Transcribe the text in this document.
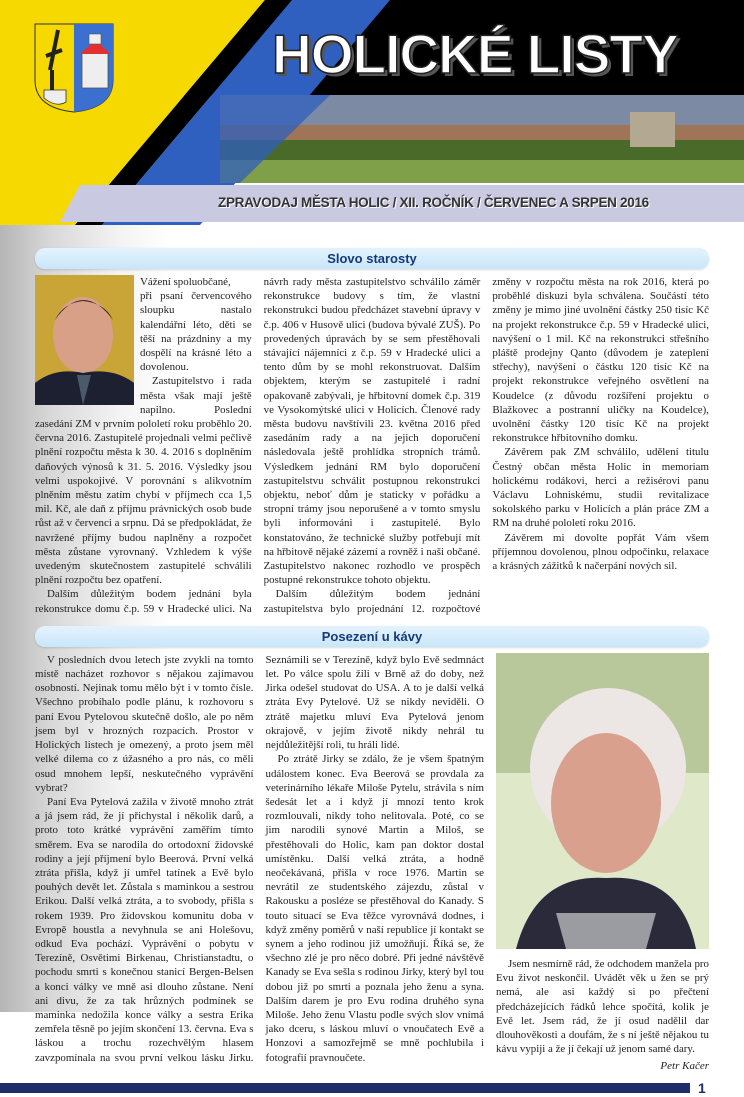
HOLICKÉ LISTY
ZPRAVODAJ MĚSTA HOLIC / XII. ROČNÍK / ČERVENEC A SRPEN 2016
Slovo starosty

Vážení spoluobčané,

při psaní červencového sloupku nastalo kalendářní léto, děti se těší na prázdniny a my dospělí na krásné léto a dovolenou.

Zastupitelstvo i rada města však mají ještě napilno. Poslední zasedání ZM v prvním pololetí roku proběhlo 20. června 2016. Zastupitelé projednali velmi pečlivě plnění rozpočtu města k 30. 4. 2016 s doplněním daňových výnosů k 31. 5. 2016. Výsledky jsou velmi uspokojivé. V porovnání s alikvotním plněním městu zatím chybí v příjmech cca 1,5 mil. Kč, ale daň z příjmu právnických osob bude růst až v červenci a srpnu. Dá se předpokládat, že navržené příjmy budou naplněny a rozpočet města zůstane vyrovnaný. Vzhledem k výše uvedeným skutečnostem zastupitelé schválili plnění rozpočtu bez opatření.

Dalším důležitým bodem jednání byla rekonstrukce domu č.p. 59 v Hradecké ulici. Na návrh rady města zastupitelstvo schválilo záměr rekonstrukce budovy s tím, že vlastní rekonstrukci budou předcházet stavební úpravy v č.p. 406 v Husově ulici (budova bývalé ZUŠ). Po provedených úpravách by se sem přestěhovali stávající nájemníci z č.p. 59 v Hradecké ulici a tento dům by se mohl rekonstruovat. Dalším objektem, kterým se zastupitelé i radní opakovaně zabývali, je hřbitovní domek č.p. 319 ve Vysokomýtské ulici v Holicích. Členové rady města budovu navštívili 23. května 2016 před zasedáním rady a na jejich doporučení následovala ještě prohlídka stropních trámů. Výsledkem jednání RM bylo doporučení zastupitelstvu schválit postupnou rekonstrukci objektu, neboť dům je staticky v pořádku a stropní trámy jsou neporušené a v tomto smyslu byli informováni i zastupitelé. Bylo konstatováno, že technické služby potřebují mít na hřbitově nějaké zázemí a rovněž i naši občané. Zastupitelstvo nakonec rozhodlo ve prospěch postupné rekonstrukce tohoto objektu.

Dalším důležitým bodem jednání zastupitelstva bylo projednání 12. rozpočtové změny v rozpočtu města na rok 2016, která po proběhlé diskuzi byla schválena. Součástí této změny je mimo jiné uvolnění částky 250 tisíc Kč na projekt rekonstrukce č.p. 59 v Hradecké ulici, navýšení o 1 mil. Kč na rekonstrukci střešního pláště prodejny Qanto (důvodem je zateplení střechy), navýšení o částku 120 tisíc Kč na projekt rekonstrukce veřejného osvětlení na Koudelce (z důvodu rozšíření projektu o Blažkovec a postranní uličky na Koudelce), uvolnění částky 120 tisíc Kč na projekt rekonstrukce hřbitovního domku.

Závěrem pak ZM schválilo, udělení titulu Čestný občan města Holic in memoriam holickému rodákovi, herci a režisérovi panu Václavu Lohniskému, studii revitalizace sokolského parku v Holicích a plán práce ZM a RM na druhé pololetí roku 2016.

Závěrem mi dovolte popřát Vám všem příjemnou dovolenou, plnou odpočinku, relaxace a krásných zážitků k načerpání nových sil.

Posezení u kávy

V posledních dvou letech jste zvykli na tomto místě nacházet rozhovor s nějakou zajímavou osobností. Nejinak tomu mělo být i v tomto čísle. Všechno probíhalo podle plánu, k rozhovoru s paní Evou Pytelovou skutečně došlo, ale po něm jsem byl v hrozných rozpacích. Prostor v Holických listech je omezený, a proto jsem měl velké dilema co z úžasného a pro nás, co měli osud mnohem lepší, neskutečného vyprávění vybrat?

Paní Eva Pytelová zažila v životě mnoho ztrát a já jsem rád, že jí přichystal i několik darů, a proto toto krátké vyprávění zaměřím tímto směrem. Eva se narodila do ortodoxní židovské rodiny a její příjmení bylo Beerová. První velká ztráta přišla, když jí umřel tatínek a Evě bylo pouhých devět let. Zůstala s maminkou a sestrou Erikou. Další velká ztráta, a to svobody, přišla s rokem 1939. Pro židovskou komunitu doba v Evropě houstla a nevyhnula se ani Holešovu, odkud Eva pochází. Vyprávění o pobytu v Terezíně, Osvětimi Birkenau, Christianstadtu, o pochodu smrti s konečnou stanicí Bergen-Belsen a konci války ve mně asi dlouho zůstane. Není ani divu, že za tak hrůzných podmínek se maminka nedožila konce války a sestra Erika zemřela těsně po jejím skončení 13. června. Eva s láskou a trochu rozechvělým hlasem zavzpomínala na svou první velkou lásku Jirku. Seznámili se v Terezíně, když bylo Evě sedmnáct let. Po válce spolu žili v Brně až do doby, než Jirka odešel studovat do USA. A to je další velká ztráta Evy Pytelové. Už se nikdy neviděli. O ztrátě majetku mluví Eva Pytelová jenom okrajově, v jejím životě nikdy nehrál tu nejdůležitější roli, tu hráli lidé.

Po ztrátě Jirky se zdálo, že je všem špatným událostem konec. Eva Beerová se provdala za veterinárního lékaře Miloše Pytelu, strávila s ním šedesát let a i když jí mnozí tento krok rozmlouvali, nikdy toho nelitovala. Poté, co se jim narodili synové Martin a Miloš, se přestěhovali do Holic, kam pan doktor dostal umístěnku. Další velká ztráta, a hodně neočekávaná, přišla v roce 1976. Martin se nevrátil ze studentského zájezdu, zůstal v Rakousku a posléze se přestěhoval do Kanady. S touto situací se Eva těžce vyrovnává dodnes, i když změny poměrů v naší republice jí kontakt se synem a jeho rodinou již umožňují. Říká se, že všechno zlé je pro něco dobré. Při jedné návštěvě Kanady se Eva sešla s rodinou Jirky, který byl tou dobou již po smrti a poznala jeho ženu a syna. Dalším darem je pro Evu rodina druhého syna Miloše. Jeho ženu Vlastu podle svých slov vnímá jako dceru, s láskou mluví o vnoučatech Evě a Honzovi a samozřejmě se mně pochlubila i fotografií pravnoučete.

Jsem nesmírně rád, že odchodem manžela pro Evu život neskončil. Uvádět věk u žen se prý nemá, ale asi každý si po přečtení předcházejících řádků lehce spočítá, kolik je Evě let. Jsem rád, že jí osud nadělil dar dlouhověkosti a doufám, že s ní ještě nějakou tu kávu vypiji a že jí čekají už jenom samé dary.

Petr Kačer
1
